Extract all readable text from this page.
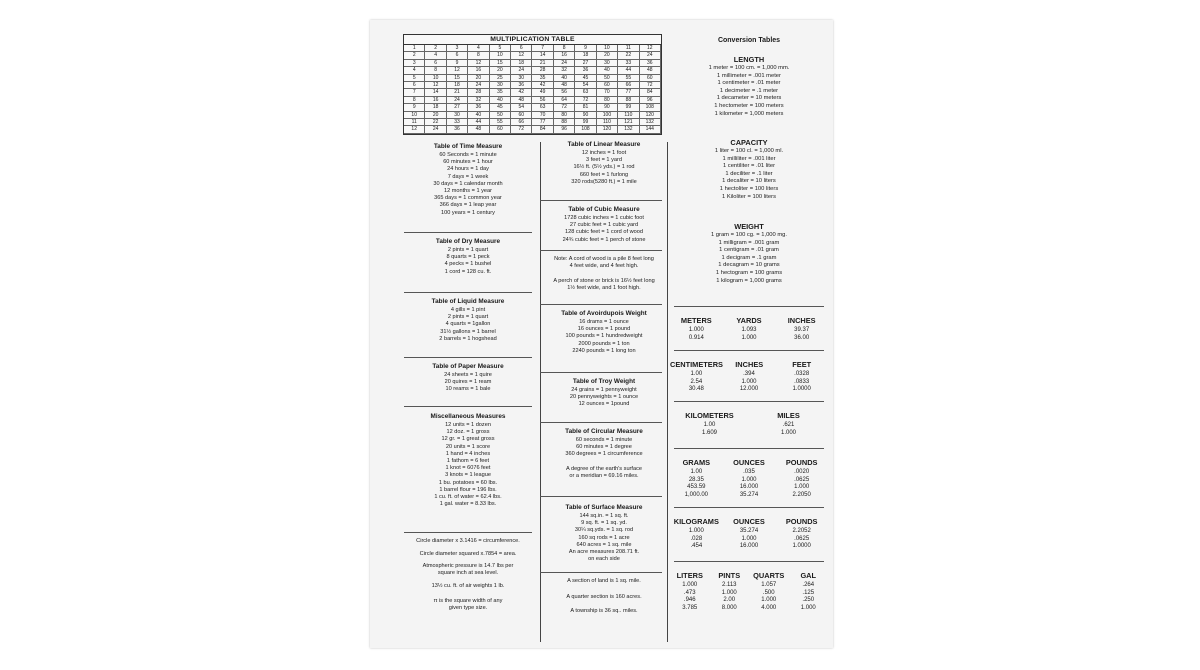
MULTIPLICATION TABLE
1	2	3	4	5	6	7	8	9	10	11	12
2	4	6	8	10	12	14	16	18	20	22	24
3	6	9	12	15	18	21	24	27	30	33	36
4	8	12	16	20	24	28	32	36	40	44	48
5	10	15	20	25	30	35	40	45	50	55	60
6	12	18	24	30	36	42	48	54	60	66	72
7	14	21	28	35	42	49	56	63	70	77	84
8	16	24	32	40	48	56	64	72	80	88	96
9	18	27	36	45	54	63	72	81	90	99	108
10	20	30	40	50	60	70	80	90	100	110	120
11	22	33	44	55	66	77	88	99	110	121	132
12	24	36	48	60	72	84	96	108	120	132	144
Table of Time Measure
60 Seconds = 1 minute
60 minutes = 1 hour
24 hours = 1 day
7 days = 1 week
30 days = 1 calendar month
12 months = 1 year
365 days = 1 common year
366 days = 1 leap year
100 years = 1 century
Table of Dry Measure
2 pints = 1 quart
8 quarts = 1 peck
4 pecks = 1 bushel
1 cord = 128 cu. ft.
Table of Liquid Measure
4 gills = 1 pint
2 pints = 1 quart
4 quarts = 1gallon
31½ gallons = 1 barrel
2 barrels = 1 hogshead
Table of Paper Measure
24 sheets = 1 quire
20 quires = 1 ream
10 reams = 1 bale
Miscellaneous Measures
12 units = 1 dozen
12 doz. = 1 gross
12 gr. = 1 great gross
20 units = 1 score
1 hand = 4 inches
1 fathom = 6 feet
1 knot = 6076 feet
3 knots = 1 league
1 bu. potatoes = 60 lbs.
1 barrel flour = 196 lbs.
1 cu. ft. of water = 62.4 lbs.
1 gal. water = 8.33 lbs.
Circle diameter x 3.1416 = circumference.
Circle diameter squared x.7854 = area.
Atmospheric pressure is 14.7 lbs per
square inch at sea level.
13½ cu. ft. of air weights 1 lb.
π is the square width of any
given type size.
Table of Linear Measure
12 inches = 1 foot
3 feet = 1 yard
16½ ft. (5½ yds.) = 1 rod
660 feet = 1 furlong
320 rods(5280 ft.) = 1 mile
Table of Cubic Measure
1728 cubic inches = 1 cubic foot
27 cubic feet = 1 cubic yard
128 cubic feet = 1 cord of wood
24¾ cubic feet = 1 perch of stone
Note: A cord of wood is a pile 8 feet long
4 feet wide, and 4 feet high.
A perch of stone or brick is 16½ feet long
1½ feet wide, and 1 foot high.
Table of Avoirdupois Weight
16 drams = 1 ounce
16 ounces = 1 pound
100 pounds = 1 hundredweight
2000 pounds = 1 ton
2240 pounds = 1 long ton
Table of Troy Weight
24 grains = 1 pennyweight
20 pennyweights = 1 ounce
12 ounces = 1pound
Table of Circular Measure
60 seconds = 1 minute
60 minutes = 1 degree
360 degrees = 1 circumference
A degree of the earth's surface
or a meridian = 69.16 miles.
Table of Surface Measure
144 sq.in. = 1 sq. ft.
9 sq. ft. = 1 sq. yd.
30¼ sq.yds. = 1 sq. rod
160 sq rods = 1 acre
640 acres = 1 sq. mile
An acre measures 208.71 ft.
on each side
A section of land is 1 sq. mile.
A quarter section is 160 acres.
A township is 36 sq.. miles.
Conversion Tables
LENGTH
1 meter = 100 cm. = 1,000 mm.
1 millimeter = .001 meter
1 centimeter = .01 meter
1 decimeter = .1 meter
1 decameter = 10 meters
1 hectometer = 100 meters
1 kilometer = 1,000 meters
CAPACITY
1 liter = 100 cl. = 1,000 ml.
1 milliliter = .001 liter
1 centiliter = .01 liter
1 deciliter = .1 liter
1 decaliter = 10 liters
1 hectoliter = 100 liters
1 Kiloliter = 100 liters
WEIGHT
1 gram = 100 cg. = 1,000 mg.
1 milligram = .001 gram
1 centigram = .01 gram
1 decigram = .1 gram
1 decagram = 10 grams
1 hectogram = 100 grams
1 kilogram = 1,000 grams
METERS	YARDS	INCHES
1.000	1.093	39.37
0.914	1.000	36.00
CENTIMETERS	INCHES	FEET
1.00	.394	.0328
2.54	1.000	.0833
30.48	12.000	1.0000
KILOMETERS	MILES
1.00	.621
1.609	1.000
GRAMS	OUNCES	POUNDS
1.00	.035	.0020
28.35	1.000	.0625
453.59	16.000	1.000
1,000.00	35.274	2.2050
KILOGRAMS	OUNCES	POUNDS
1.000	35.274	2.2052
.028	1.000	.0625
.454	16.000	1.0000
LITERS	PINTS	QUARTS	GAL
1.000	2.113	1.057	.264
.473	1.000	.500	.125
.946	2.00	1.000	.250
3.785	8.000	4.000	1.000
